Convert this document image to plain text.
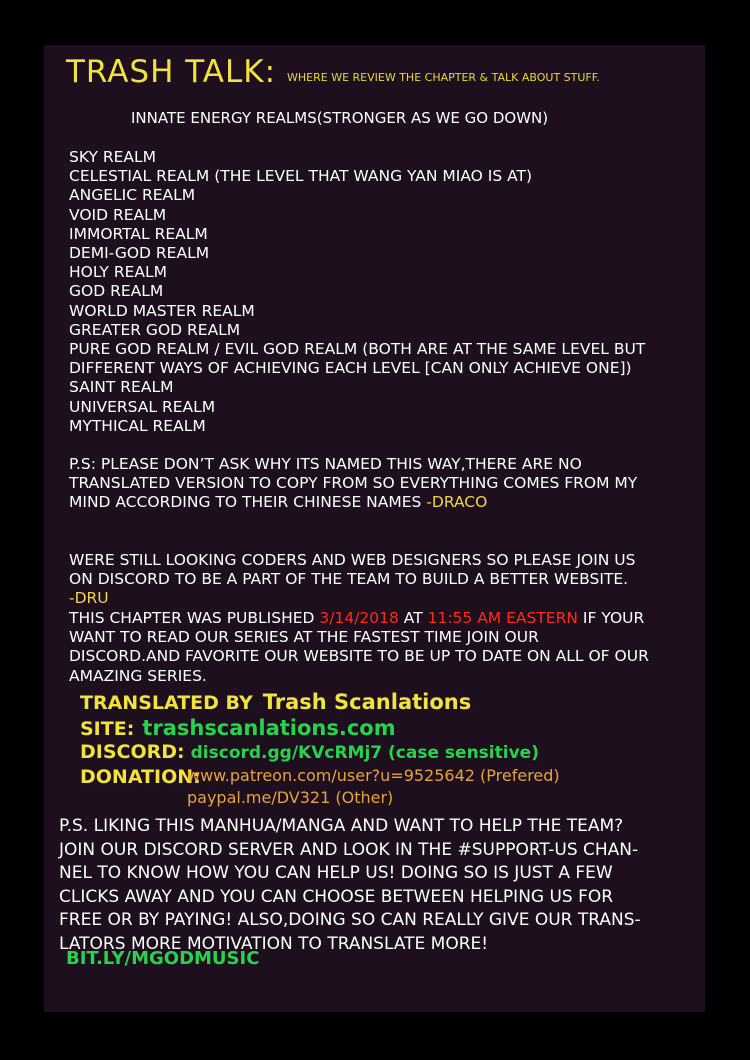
TRASH TALK: WHERE WE REVIEW THE CHAPTER & TALK ABOUT STUFF.
INNATE ENERGY REALMS(STRONGER AS WE GO DOWN)
SKY REALM
CELESTIAL REALM (THE LEVEL THAT WANG YAN MIAO IS AT)
ANGELIC REALM
VOID REALM
IMMORTAL REALM
DEMI-GOD REALM
HOLY REALM
GOD REALM
WORLD MASTER REALM
GREATER GOD REALM
PURE GOD REALM / EVIL GOD REALM (BOTH ARE AT THE SAME LEVEL BUT
DIFFERENT WAYS OF ACHIEVING EACH LEVEL [CAN ONLY ACHIEVE ONE])
SAINT REALM
UNIVERSAL REALM
MYTHICAL REALM
P.S: PLEASE DON’T ASK WHY ITS NAMED THIS WAY,THERE ARE NO
TRANSLATED VERSION TO COPY FROM SO EVERYTHING COMES FROM MY
MIND ACCORDING TO THEIR CHINESE NAMES -DRACO
WERE STILL LOOKING CODERS AND WEB DESIGNERS SO PLEASE JOIN US
ON DISCORD TO BE A PART OF THE TEAM TO BUILD A BETTER WEBSITE.
-DRU
THIS CHAPTER WAS PUBLISHED 3/14/2018 AT 11:55 AM EASTERN IF YOUR
WANT TO READ OUR SERIES AT THE FASTEST TIME JOIN OUR
DISCORD.AND FAVORITE OUR WEBSITE TO BE UP TO DATE ON ALL OF OUR
AMAZING SERIES.
TRANSLATED BY Trash Scanlations
SITE: trashscanlations.com
DISCORD: discord.gg/KVcRMj7 (case sensitive)
DONATION:
www.patreon.com/user?u=9525642 (Prefered)
paypal.me/DV321 (Other)
P.S. LIKING THIS MANHUA/MANGA AND WANT TO HELP THE TEAM?
JOIN OUR DISCORD SERVER AND LOOK IN THE #SUPPORT-US CHAN-
NEL TO KNOW HOW YOU CAN HELP US! DOING SO IS JUST A FEW
CLICKS AWAY AND YOU CAN CHOOSE BETWEEN HELPING US FOR
FREE OR BY PAYING! ALSO,DOING SO CAN REALLY GIVE OUR TRANS-
LATORS MORE MOTIVATION TO TRANSLATE MORE!
BIT.LY/MGODMUSIC
